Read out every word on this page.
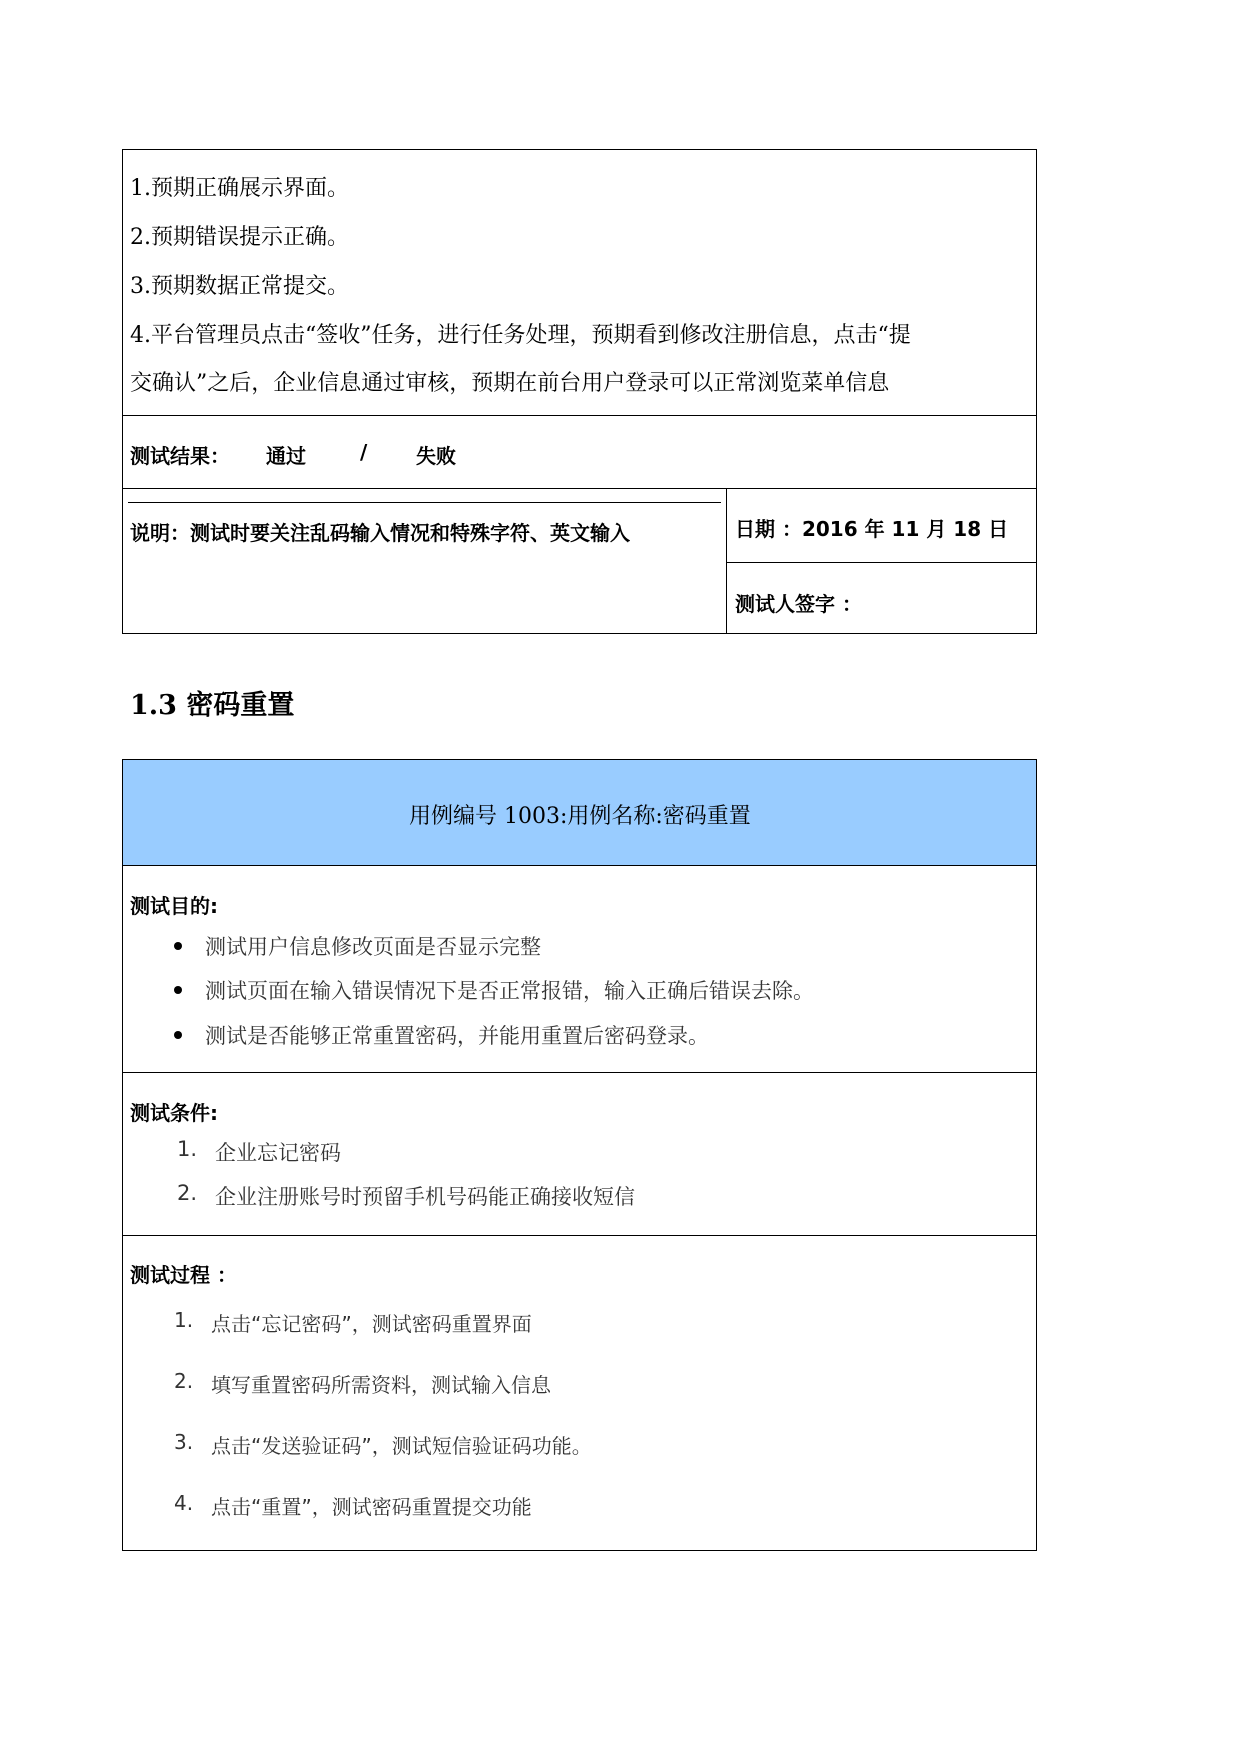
1.预期正确展示界面。
2.预期错误提示正确。
3.预期数据正常提交。
4.平台管理员点击“签收”任务，进行任务处理，预期看到修改注册信息，点击“提
交确认”之后，企业信息通过审核，预期在前台用户登录可以正常浏览菜单信息
测试结果： 通过	/ 失败
说明：测试时要关注乱码输入情况和特殊字符、英文输入	日期 ：2016 年 11 月 18 日
测试人签字 ：
1.3 密码重置
用例编号 1003:用例名称:密码重置
测试目的:
测试用户信息修改页面是否显示完整
测试页面在输入错误情况下是否正常报错，输入正确后错误去除。
测试是否能够正常重置密码，并能用重置后密码登录。
测试条件:
1. 企业忘记密码
2. 企业注册账号时预留手机号码能正确接收短信
测试过程 ：
1. 点击“忘记密码”，测试密码重置界面
2. 填写重置密码所需资料，测试输入信息
3. 点击“发送验证码”，测试短信验证码功能。
4. 点击“重置”，测试密码重置提交功能
